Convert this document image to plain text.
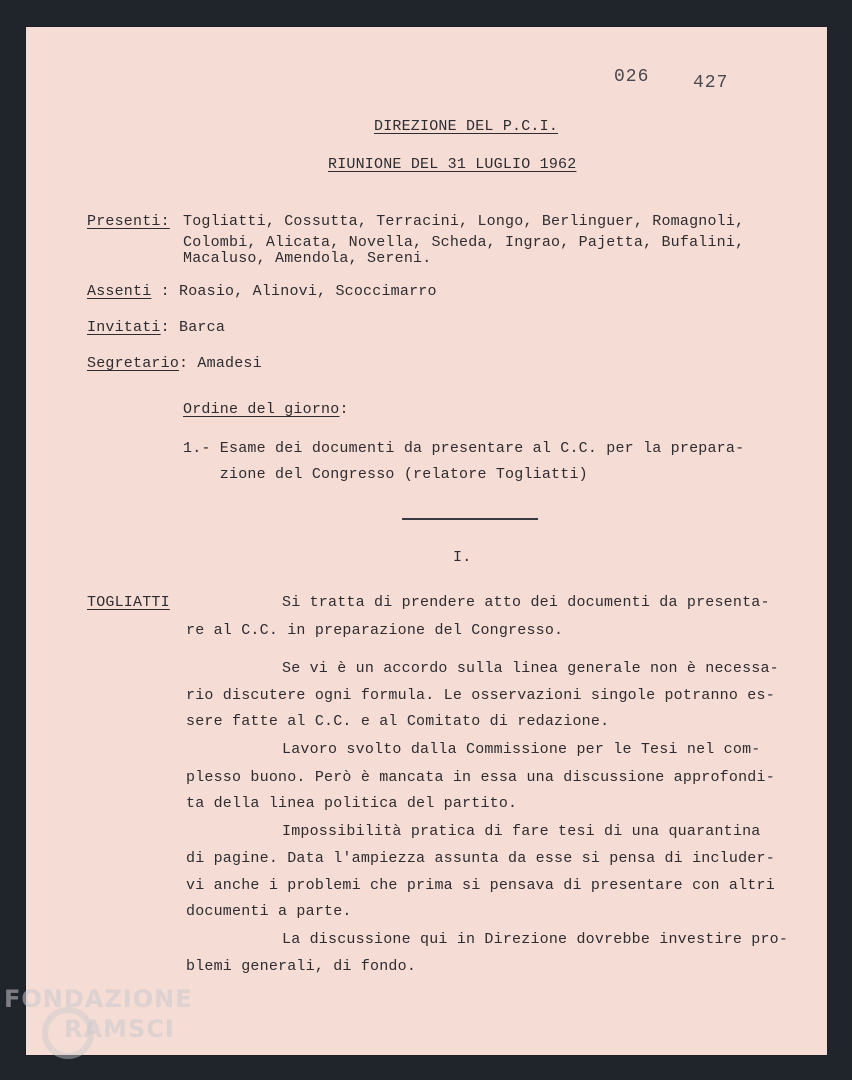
026 427
DIREZIONE DEL P.C.I.
RIUNIONE DEL 31 LUGLIO 1962
Presenti: Togliatti, Cossutta, Terracini, Longo, Berlinguer, Romagnoli,
Colombi, Alicata, Novella, Scheda, Ingrao, Pajetta, Bufalini,
Macaluso, Amendola, Sereni.
Assenti : Roasio, Alinovi, Scoccimarro
Invitati: Barca
Segretario: Amadesi
Ordine del giorno:
1.- Esame dei documenti da presentare al C.C. per la prepara-
zione del Congresso (relatore Togliatti)
I.
TOGLIATTI	Si tratta di prendere atto dei documenti da presenta-
re al C.C. in preparazione del Congresso.
Se vi è un accordo sulla linea generale non è necessa-
rio discutere ogni formula. Le osservazioni singole potranno es-
sere fatte al C.C. e al Comitato di redazione.
Lavoro svolto dalla Commissione per le Tesi nel com-
plesso buono. Però è mancata in essa una discussione approfondi-
ta della linea politica del partito.
Impossibilità pratica di fare tesi di una quarantina
di pagine. Data l'ampiezza assunta da esse si pensa di includer-
vi anche i problemi che prima si pensava di presentare con altri
documenti a parte.
La discussione qui in Direzione dovrebbe investire pro-
blemi generali, di fondo.
FONDAZIONE
RAMSCI
